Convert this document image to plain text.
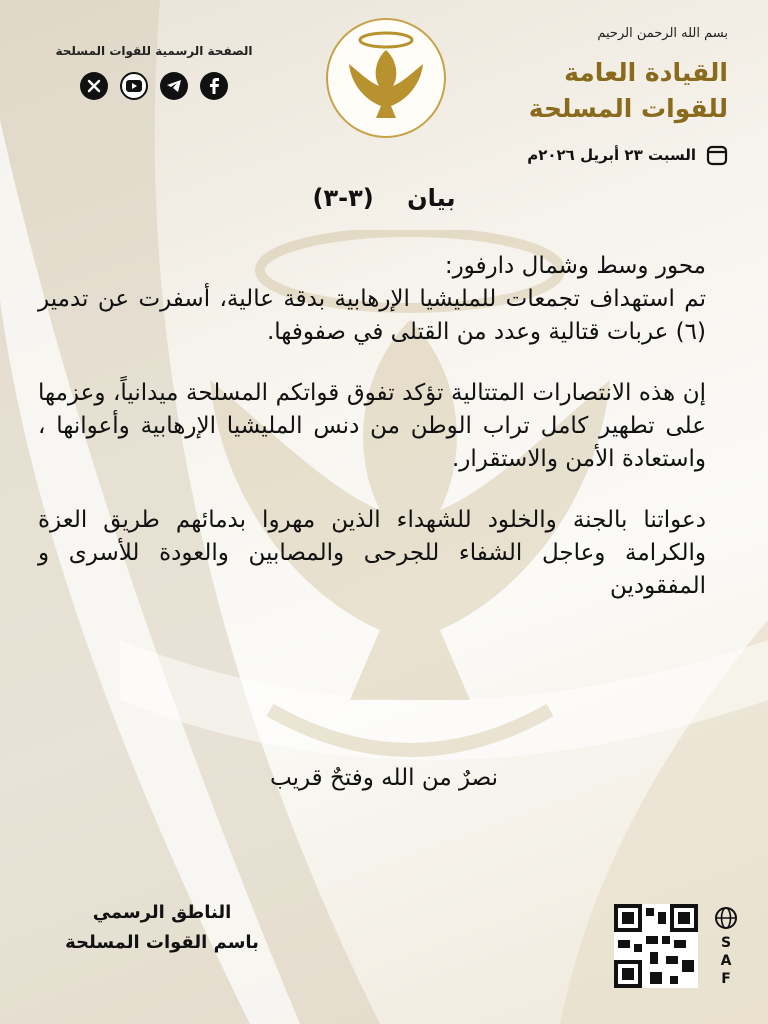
بسم الله الرحمن الرحيم
القيادة العامة
للقوات المسلحة
السبت ٢٣ أبريل ٢٠٢٦م
الصفحة الرسمية للقوات المسلحة
بيان    (٣-٣)

محور وسط وشمال دارفور:

تم استهداف تجمعات للمليشيا الإرهابية بدقة عالية، أسفرت عن تدمير (٦) عربات قتالية وعدد من القتلى في صفوفها.

إن هذه الانتصارات المتتالية تؤكد تفوق قواتكم المسلحة ميدانياً، وعزمها على تطهير كامل تراب الوطن من دنس المليشيا الإرهابية وأعوانها ، واستعادة الأمن والاستقرار.

دعواتنا بالجنة والخلود للشهداء الذين مهروا بدمائهم طريق العزة والكرامة وعاجل الشفاء للجرحى والمصابين والعودة للأسرى و المفقودين

نصرٌ من الله وفتحٌ قريب
الناطق الرسمي
باسم القوات المسلحة	S
A
F
